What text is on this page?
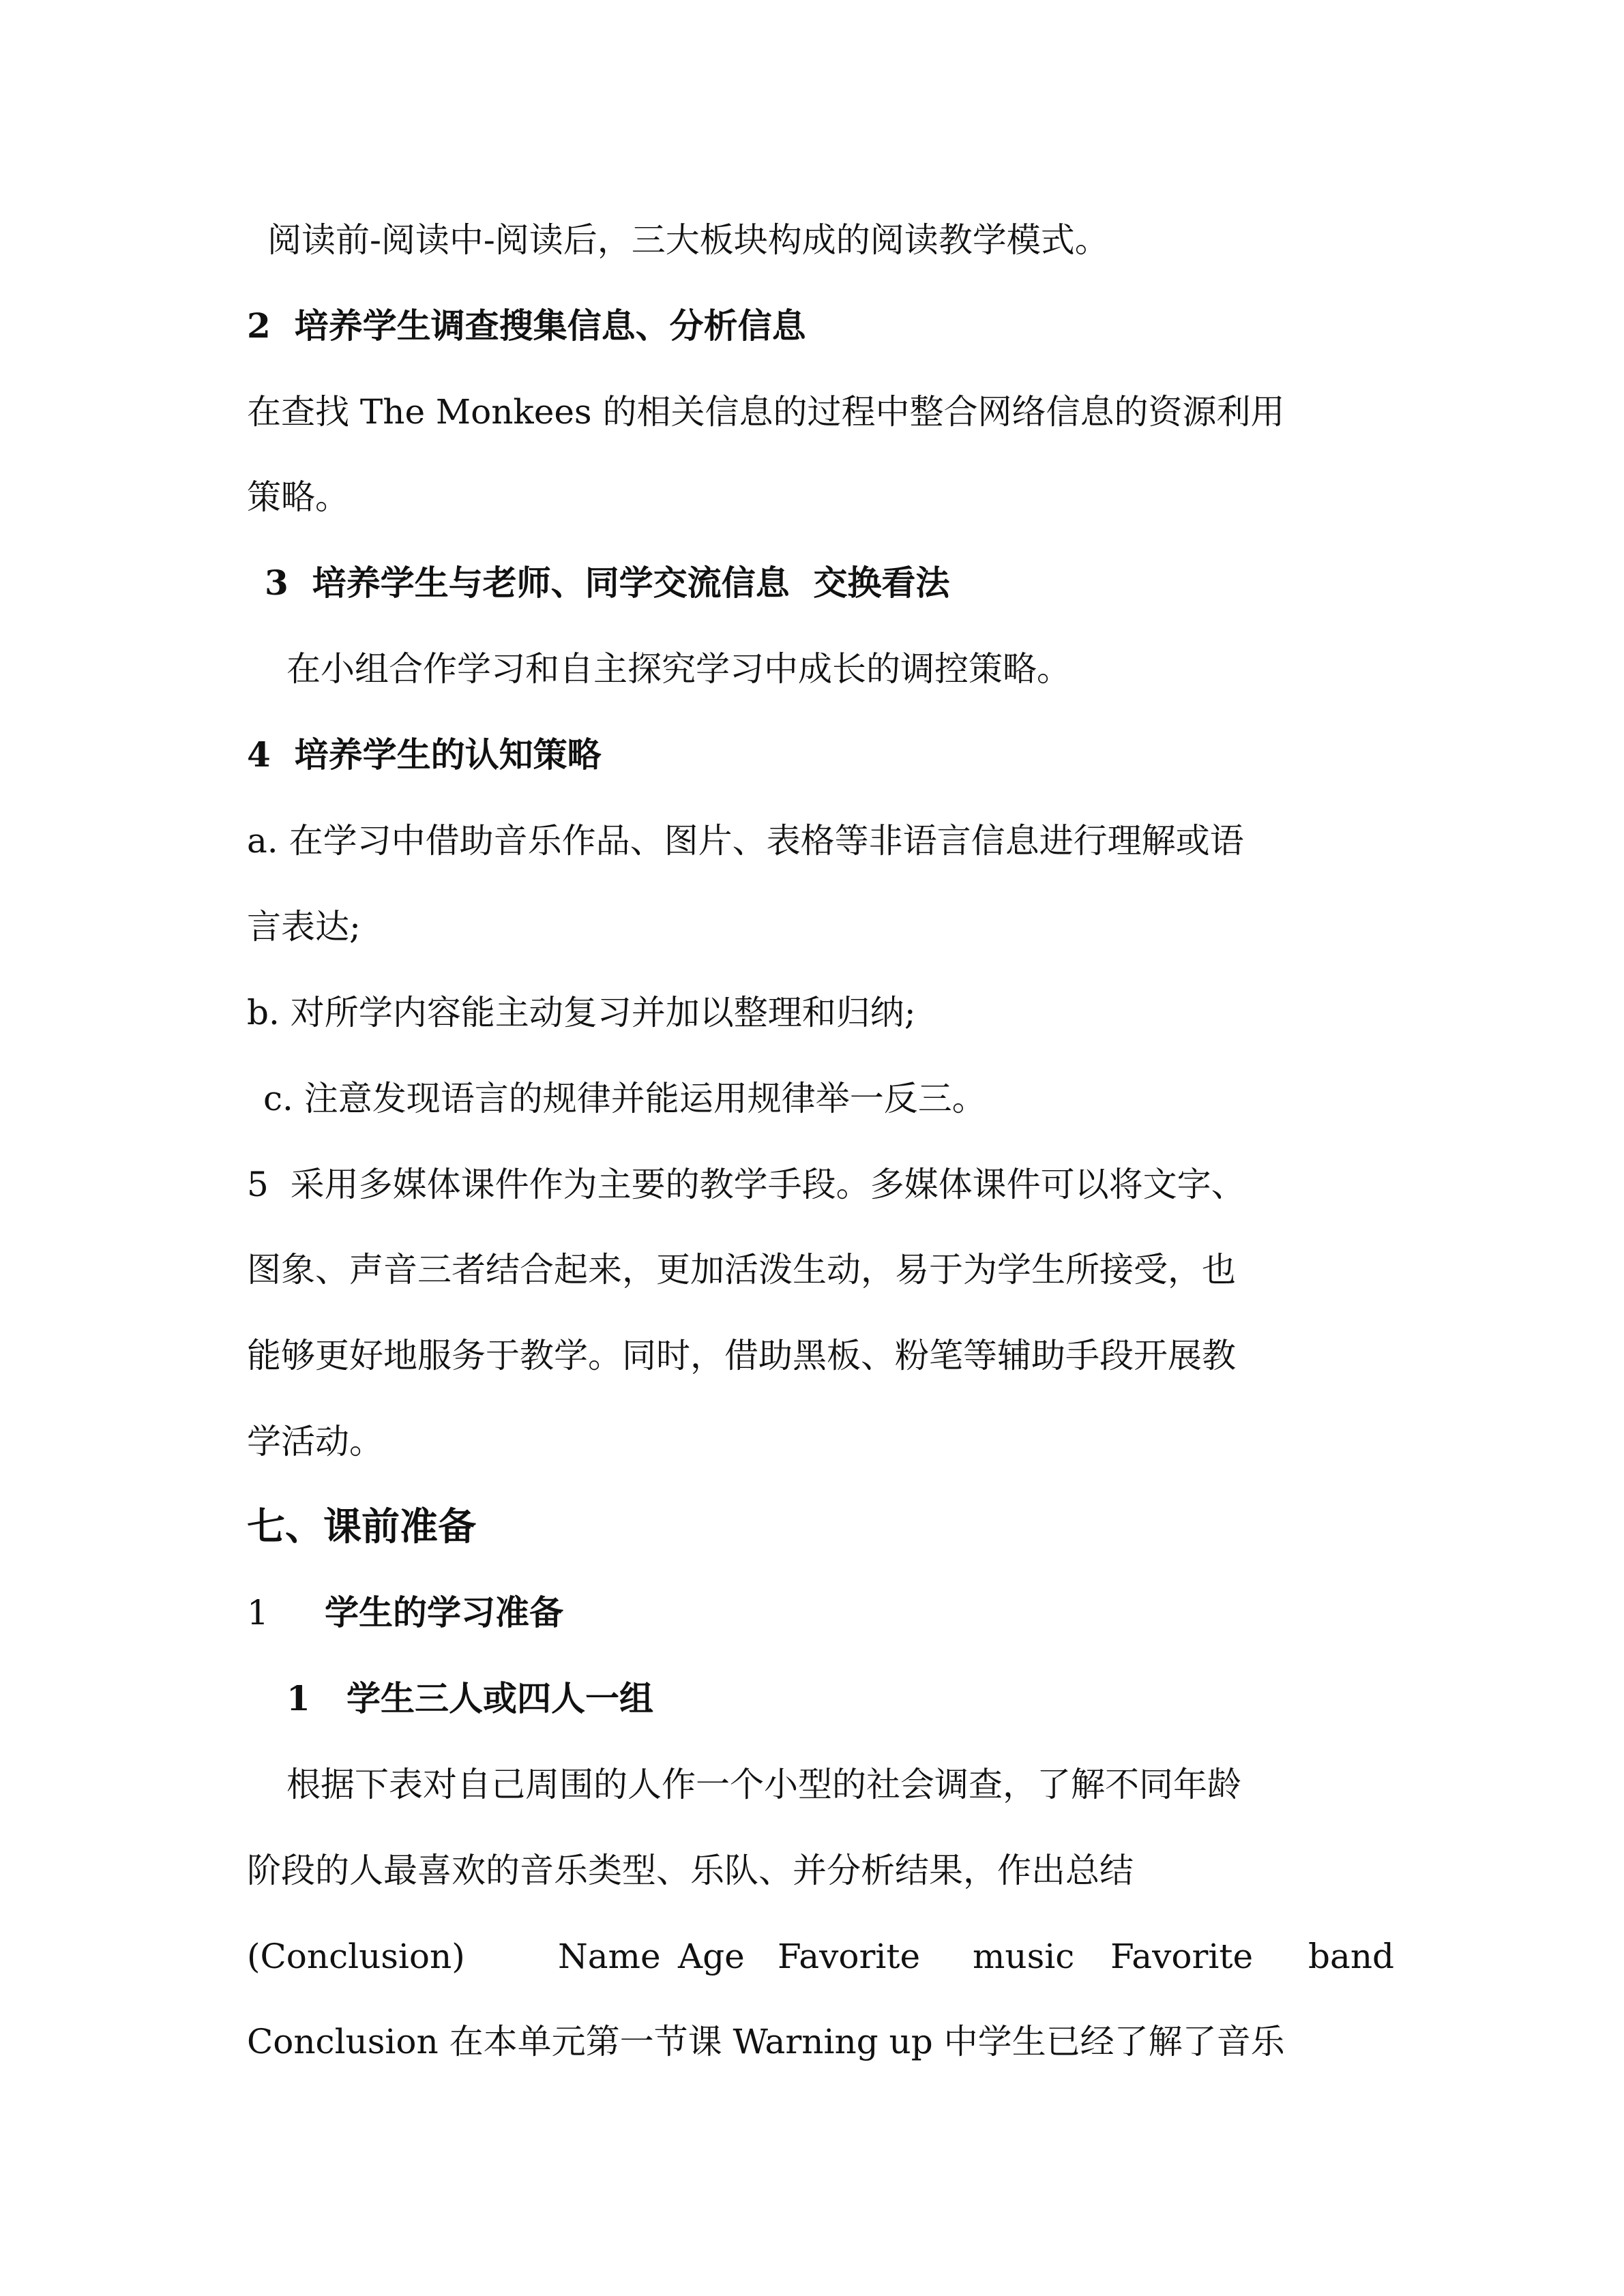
阅读前-阅读中-阅读后，三大板块构成的阅读教学模式。
2  培养学生调查搜集信息、分析信息
在查找 The Monkees 的相关信息的过程中整合网络信息的资源利用
策略。
3  培养学生与老师、同学交流信息  交换看法
在小组合作学习和自主探究学习中成长的调控策略。
4  培养学生的认知策略
a. 在学习中借助音乐作品、图片、表格等非语言信息进行理解或语
言表达;
b. 对所学内容能主动复习并加以整理和归纳;
c. 注意发现语言的规律并能运用规律举一反三。
5  采用多媒体课件作为主要的教学手段。多媒体课件可以将文字、
图象、声音三者结合起来，更加活泼生动，易于为学生所接受，也
能够更好地服务于教学。同时，借助黑板、粉笔等辅助手段开展教
学活动。
七、课前准备
1 学生的学习准备
1 学生三人或四人一组
根据下表对自己周围的人作一个小型的社会调查，了解不同年龄
阶段的人最喜欢的音乐类型、乐队、并分析结果，作出总结
(Conclusion)	Name Age Favorite music Favorite band
Conclusion 在本单元第一节课 Warning up 中学生已经了解了音乐
